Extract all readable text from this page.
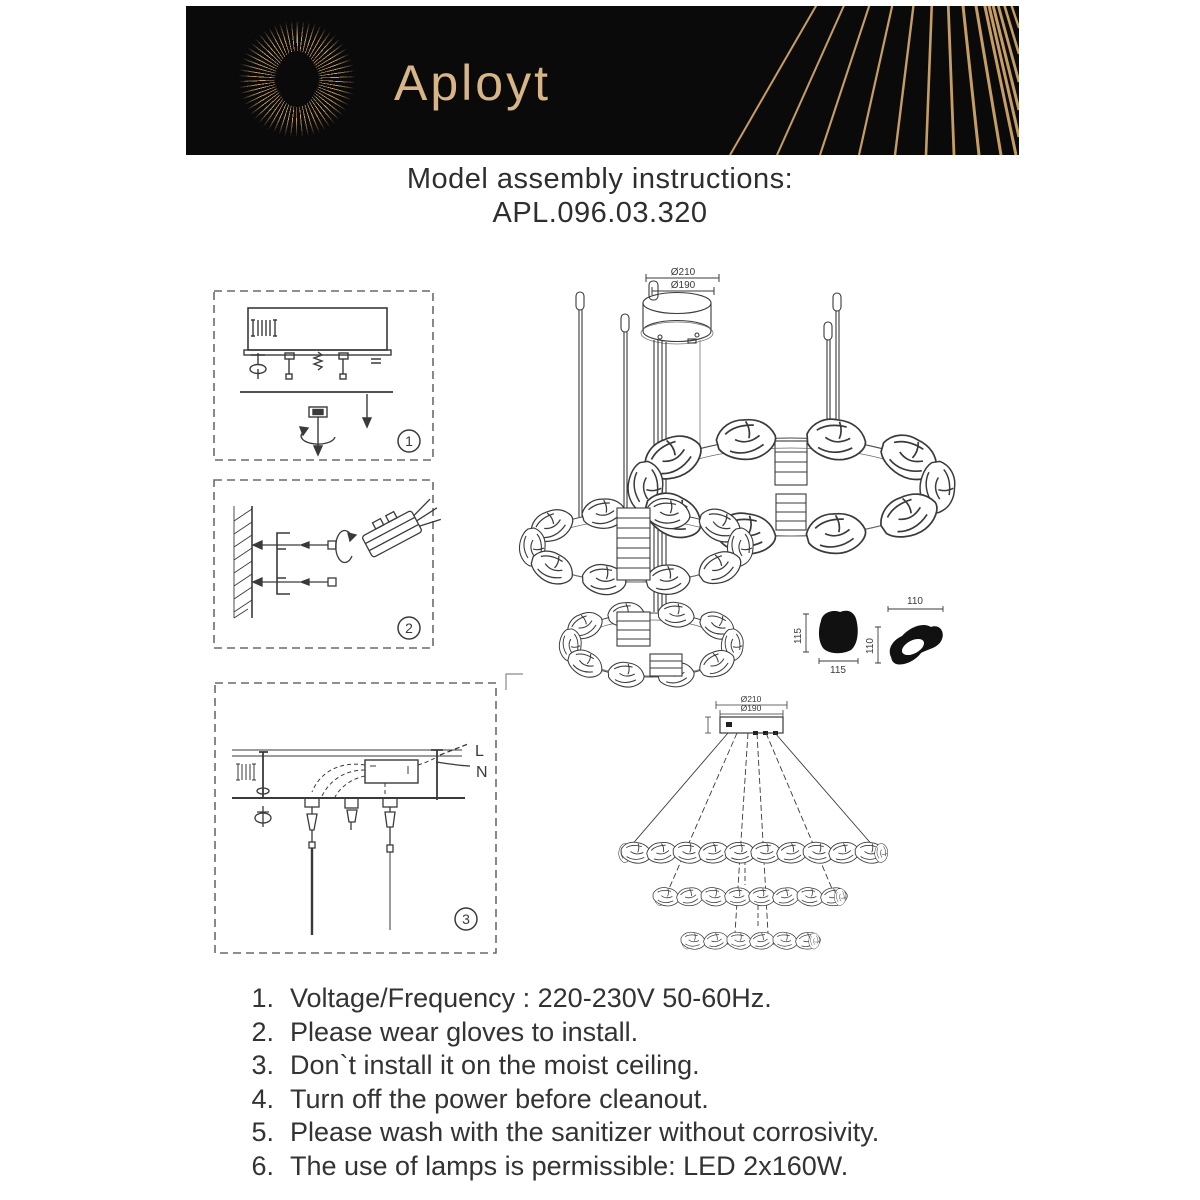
Aployt
Model assembly instructions:
APL.096.03.320
1
2
L
N
3
Ø210
Ø190
115
115
110
110
Ø210
Ø190
1. Voltage/Frequency : 220-230V 50-60Hz.
2. Please wear gloves to install.
3. Don`t install it on the moist ceiling.
4. Turn off the power before cleanout.
5. Please wash with the sanitizer without corrosivity.
6. The use of lamps is permissible: LED 2x160W.
